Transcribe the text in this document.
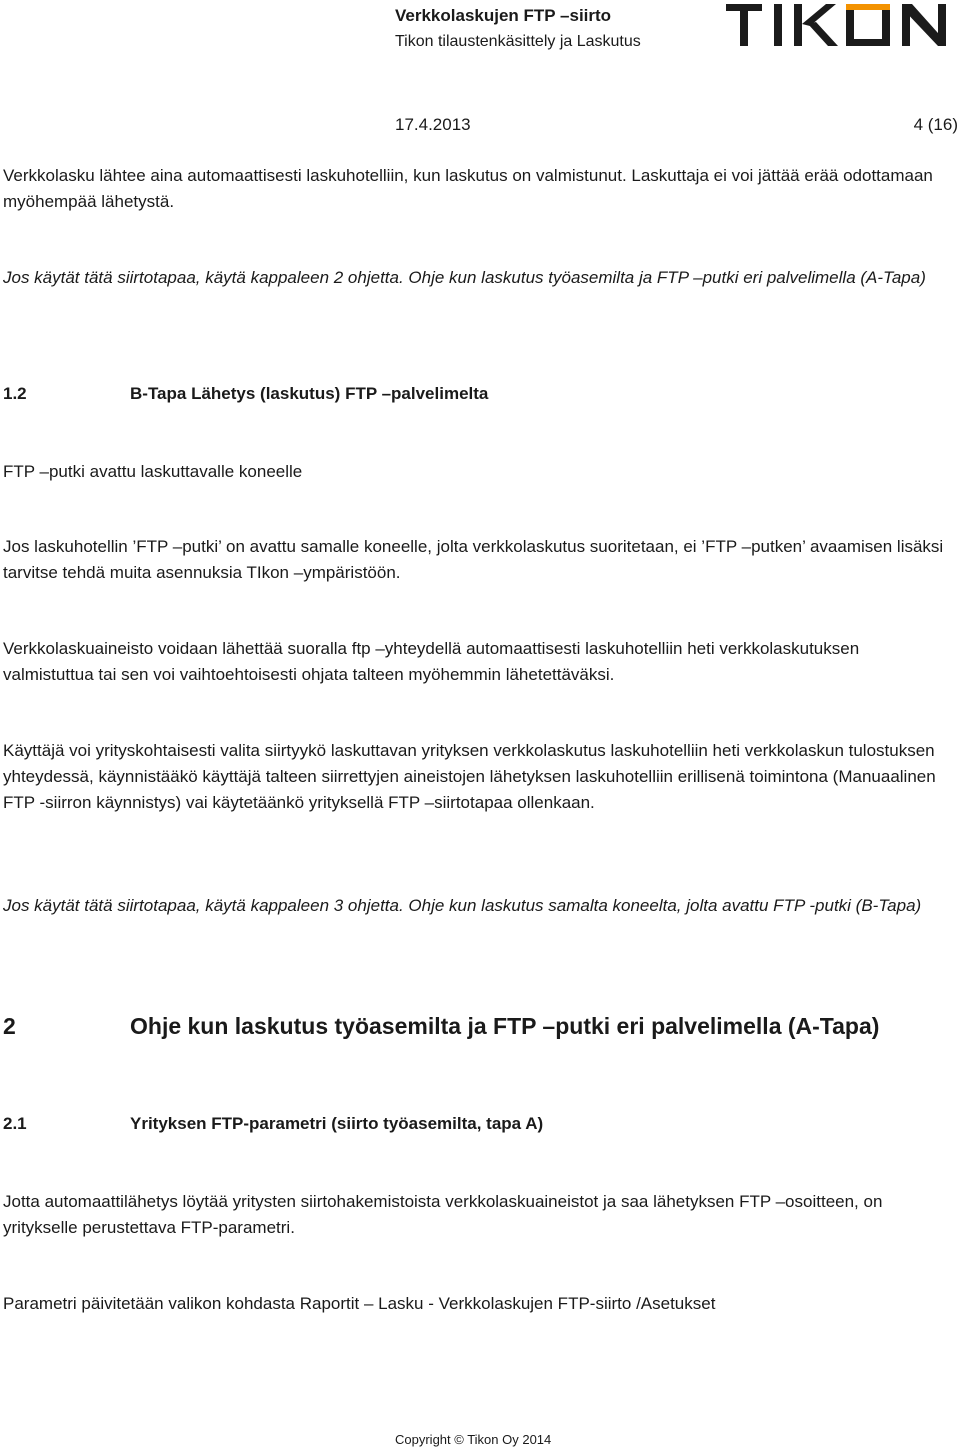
Verkkolaskujen FTP –siirto
Tikon tilaustenkäsittely ja Laskutus
17.4.2013	4 (16)
Verkkolasku lähtee aina automaattisesti laskuhotelliin, kun laskutus on valmistunut. Laskuttaja ei voi jättää erää odottamaan myöhempää lähetystä.
Jos käytät tätä siirtotapaa, käytä kappaleen 2 ohjetta. Ohje kun laskutus työasemilta ja FTP –putki eri palvelimella (A-Tapa)
1.2	B-Tapa Lähetys (laskutus) FTP –palvelimelta
FTP –putki avattu laskuttavalle koneelle
Jos laskuhotellin ’FTP –putki’ on avattu samalle koneelle, jolta verkkolaskutus suoritetaan, ei ’FTP –putken’ avaamisen lisäksi tarvitse tehdä muita asennuksia TIkon –ympäristöön.
Verkkolaskuaineisto voidaan lähettää suoralla ftp –yhteydellä automaattisesti laskuhotelliin heti verkkolaskutuksen valmistuttua tai sen voi vaihtoehtoisesti ohjata talteen myöhemmin lähetettäväksi.
Käyttäjä voi yrityskohtaisesti valita siirtyykö laskuttavan yrityksen verkkolaskutus laskuhotelliin heti verkkolaskun tulostuksen yhteydessä, käynnistääkö käyttäjä talteen siirrettyjen aineistojen lähetyksen laskuhotelliin erillisenä toimintona (Manuaalinen FTP -siirron käynnistys) vai käytetäänkö yrityksellä FTP –siirtotapaa ollenkaan.
Jos käytät tätä siirtotapaa, käytä kappaleen 3 ohjetta. Ohje kun laskutus samalta koneelta, jolta avattu FTP -putki (B-Tapa)
2	Ohje kun laskutus työasemilta ja FTP –putki eri palvelimella (A-Tapa)
2.1	Yrityksen FTP-parametri (siirto työasemilta, tapa A)
Jotta automaattilähetys löytää yritysten siirtohakemistoista verkkolaskuaineistot ja saa lähetyksen FTP –osoitteen, on yritykselle perustettava FTP-parametri.
Parametri päivitetään valikon kohdasta Raportit – Lasku - Verkkolaskujen FTP-siirto /Asetukset
Copyright © Tikon Oy 2014
